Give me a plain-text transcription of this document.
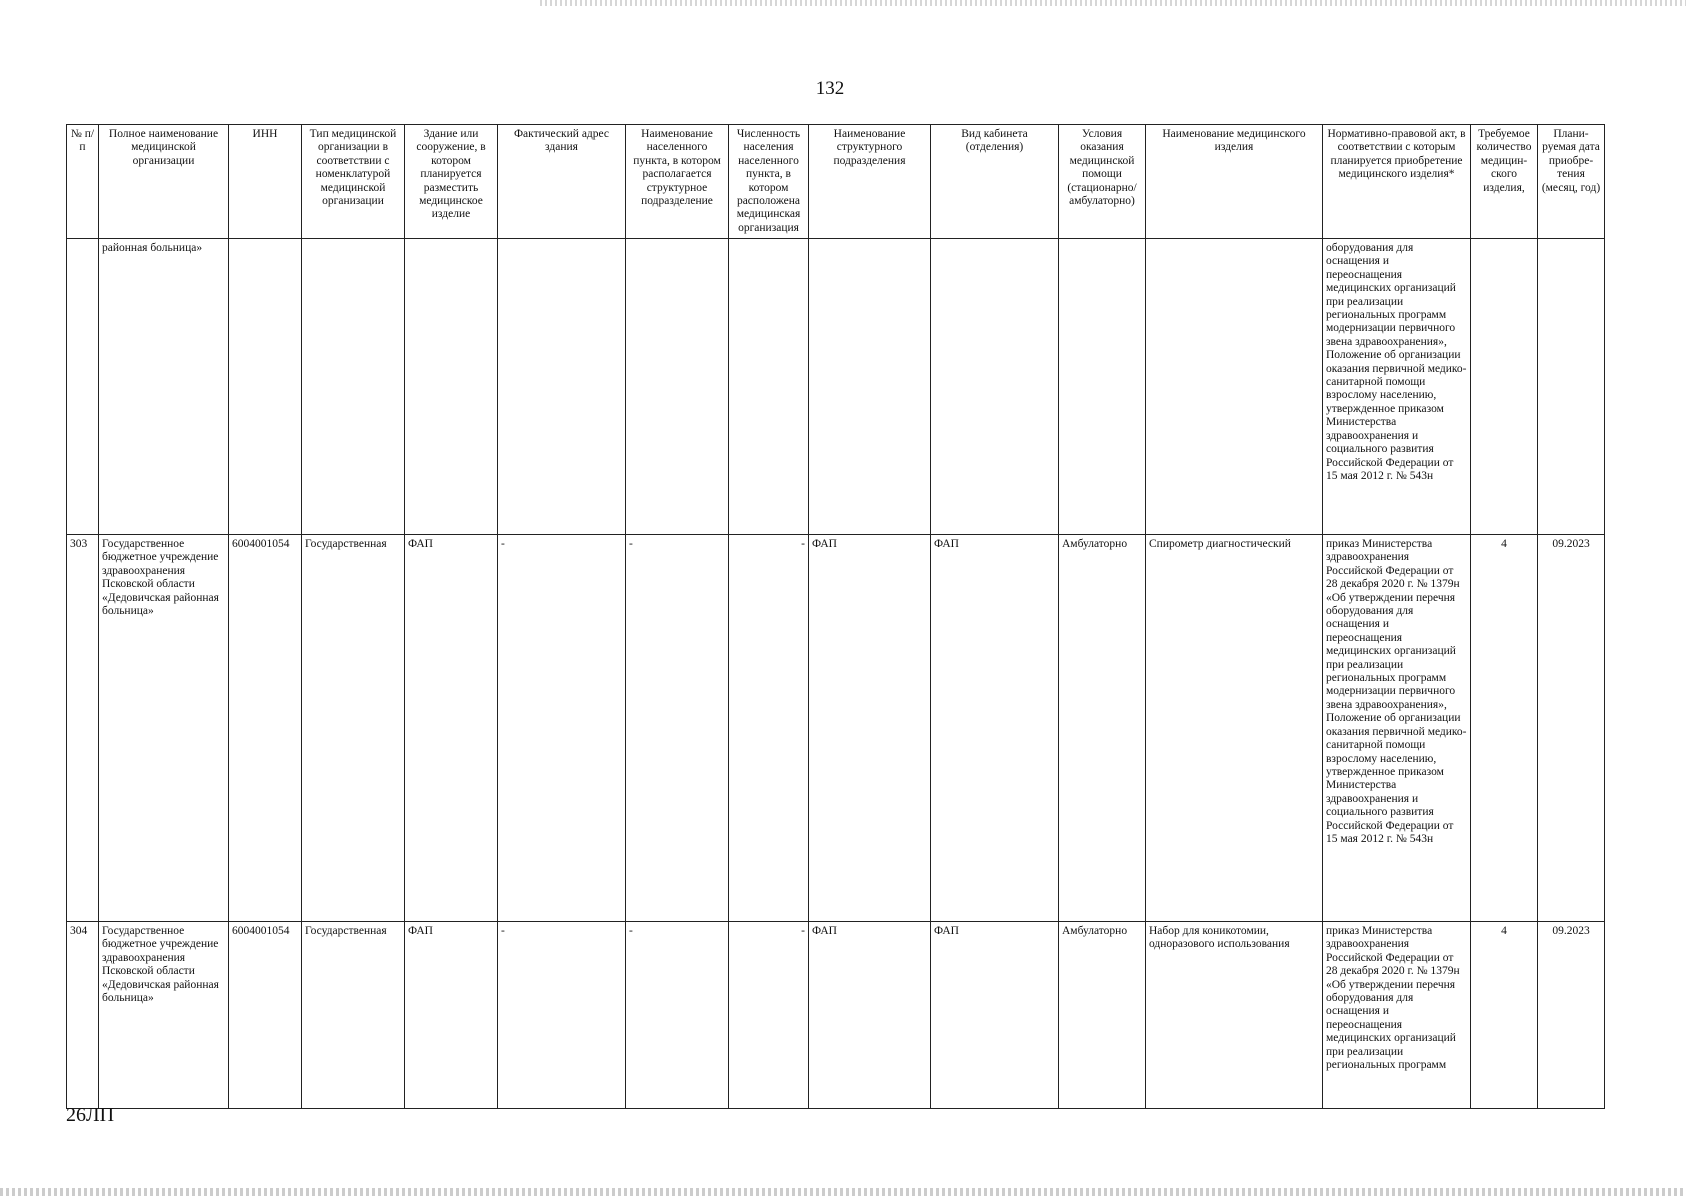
132
№ п/п	Полное наименование медицинской организации	ИНН	Тип медицинской организации в соответствии с номенклатурой медицинской организации	Здание или сооружение, в котором планируется разместить медицинское изделие	Фактический адрес здания	Наименование населенного пункта, в котором располагается структурное подразделение	Численность населения населенного пункта, в котором расположена медицинская организация	Наименование структурного подразделения	Вид кабинета (отделения)	Условия оказания медицинской помощи (стационарно/ амбулаторно)	Наименование медицинского изделия	Нормативно-правовой акт, в соответствии с которым планируется приобретение медицинского изделия*	Требуемое количество медицин-ского изделия,	Плани-руемая дата приобре-тения (месяц, год)
	районная больница»											оборудования для оснащения и переоснащения медицинских организаций при реализации региональных программ модернизации первичного звена здравоохранения», Положение об организации оказания первичной медико-санитарной помощи взрослому населению, утвержденное приказом Министерства здравоохранения и социального развития Российской Федерации от 15 мая 2012 г. № 543н		
303	Государственное бюджетное учреждение здравоохранения Псковской области «Дедовичская районная больница»	6004001054	Государственная	ФАП	-	-	-	ФАП	ФАП	Амбулаторно	Спирометр диагностический	приказ Министерства здравоохранения Российской Федерации от 28 декабря 2020 г. № 1379н «Об утверждении перечня оборудования для оснащения и переоснащения медицинских организаций при реализации региональных программ модернизации первичного звена здравоохранения», Положение об организации оказания первичной медико-санитарной помощи взрослому населению, утвержденное приказом Министерства здравоохранения и социального развития Российской Федерации от 15 мая 2012 г. № 543н	4	09.2023
304	Государственное бюджетное учреждение здравоохранения Псковской области «Дедовичская районная больница»	6004001054	Государственная	ФАП	-	-	-	ФАП	ФАП	Амбулаторно	Набор для коникотомии, одноразового использования	приказ Министерства здравоохранения Российской Федерации от 28 декабря 2020 г. № 1379н «Об утверждении перечня оборудования для оснащения и переоснащения медицинских организаций при реализации региональных программ	4	09.2023
26ЛП
